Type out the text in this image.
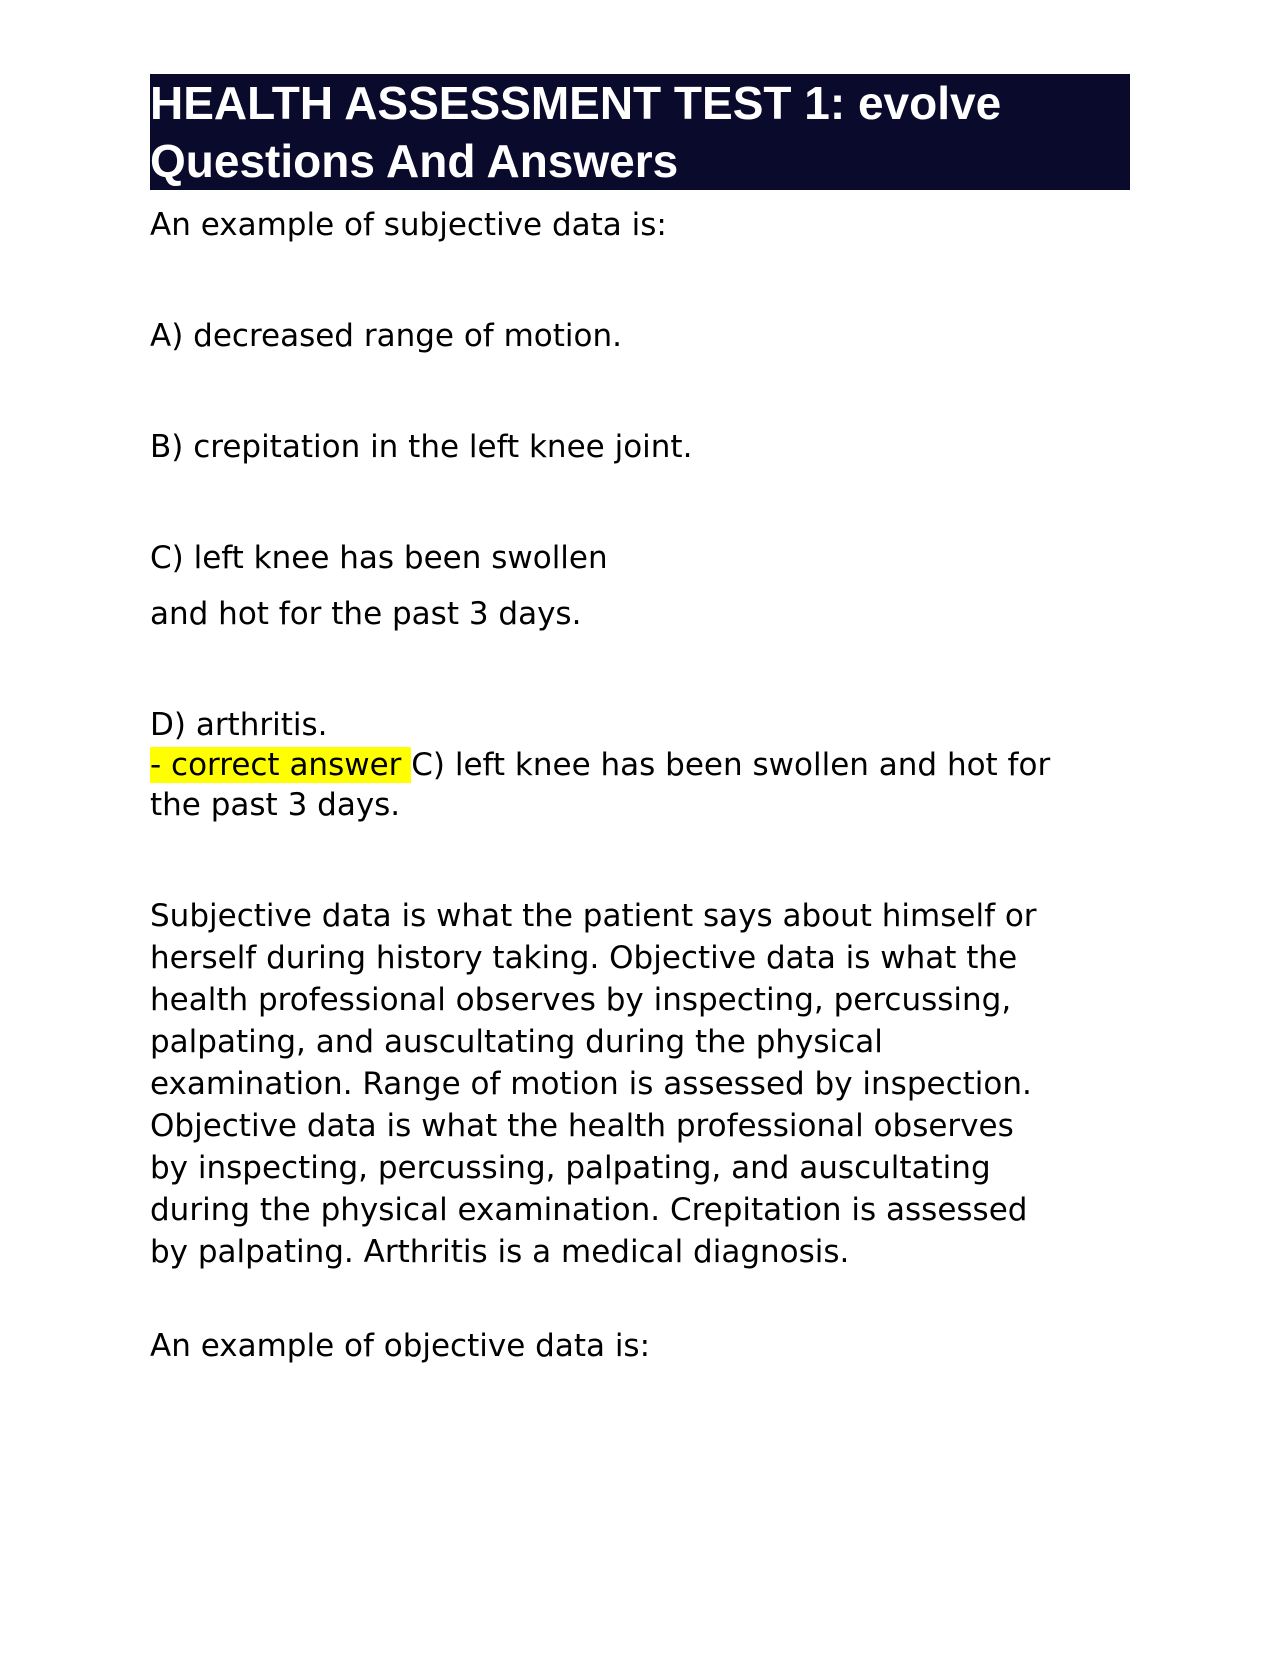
HEALTH ASSESSMENT TEST 1: evolve
Questions And Answers

An example of subjective data is:

A) decreased range of motion.

B) crepitation in the left knee joint.

C) left knee has been swollen

and hot for the past 3 days.

D) arthritis.

- correct answer C) left knee has been swollen and hot for

the past 3 days.

Subjective data is what the patient says about himself or
herself during history taking. Objective data is what the
health professional observes by inspecting, percussing,
palpating, and auscultating during the physical
examination. Range of motion is assessed by inspection.
Objective data is what the health professional observes
by inspecting, percussing, palpating, and auscultating
during the physical examination. Crepitation is assessed
by palpating. Arthritis is a medical diagnosis.

An example of objective data is:
